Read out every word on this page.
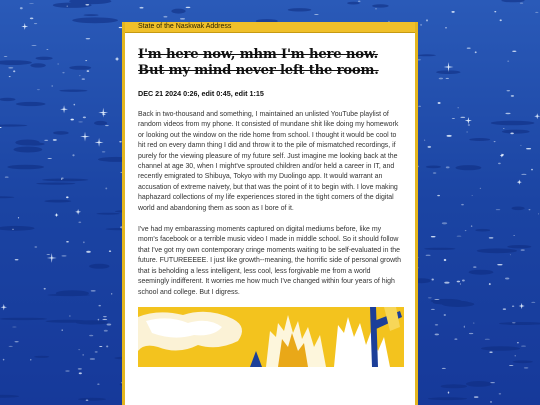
State of the Naskwak Address
I'm here now, mhm I'm here now. But my mind never left the room.
DEC 21 2024 0:26, edit 0:45, edit 1:15

Back in two-thousand and something, I maintained an unlisted YouTube playlist of random videos from my phone. It consisted of mundane shit like doing my homework or looking out the window on the ride home from school. I thought it would be cool to hit red on every damn thing I did and throw it to the pile of mismatched recordings, if purely for the viewing pleasure of my future self. Just imagine me looking back at the channel at age 30, when I might've sprouted children and/or held a career in IT, and recently emigrated to Shibuya, Tokyo with my Duolingo app. It would warrant an accusation of extreme naivety, but that was the point of it to begin with. I love making haphazard collections of my life experiences stored in the tight corners of the digital world and abandoning them as soon as I bore of it.

I've had my embarassing moments captured on digital mediums before, like my mom's facebook or a terrible music video I made in middle school. So it should follow that I've got my own contemporary cringe moments waiting to be self-evaluated in the future. FUTUREEEEE. I just like growth--meaning, the horrific side of personal growth that is beholding a less intelligent, less cool, less forgivable me from a world seemingly indifferent. It worries me how much I've changed within four years of high school and college. But I digress.
